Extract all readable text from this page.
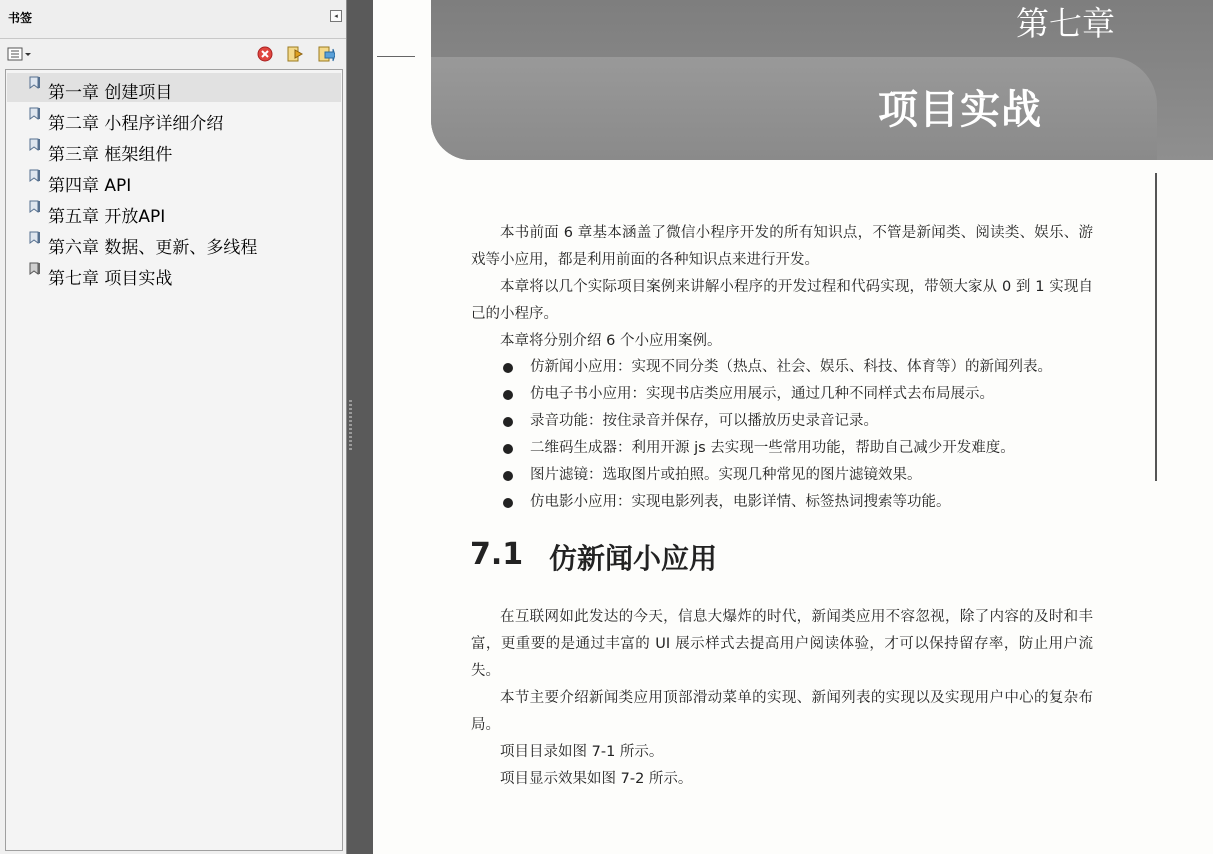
书签	◂
第一章 创建项目
第二章 小程序详细介绍
第三章 框架组件
第四章 API
第五章 开放API
第六章 数据、更新、多线程
第七章 项目实战
第七章
项目实战

本书前面 6 章基本涵盖了微信小程序开发的所有知识点，不管是新闻类、阅读类、娱乐、游戏等小应用，都是利用前面的各种知识点来进行开发。

本章将以几个实际项目案例来讲解小程序的开发过程和代码实现，带领大家从 0 到 1 实现自己的小程序。

本章将分别介绍 6 个小应用案例。

仿新闻小应用：实现不同分类（热点、社会、娱乐、科技、体育等）的新闻列表。
仿电子书小应用：实现书店类应用展示，通过几种不同样式去布局展示。
录音功能：按住录音并保存，可以播放历史录音记录。
二维码生成器：利用开源 js 去实现一些常用功能，帮助自己减少开发难度。
图片滤镜：选取图片或拍照。实现几种常见的图片滤镜效果。
仿电影小应用：实现电影列表，电影详情、标签热词搜索等功能。
7.1 仿新闻小应用

在互联网如此发达的今天，信息大爆炸的时代，新闻类应用不容忽视，除了内容的及时和丰富，更重要的是通过丰富的 UI 展示样式去提高用户阅读体验，才可以保持留存率，防止用户流失。

本节主要介绍新闻类应用顶部滑动菜单的实现、新闻列表的实现以及实现用户中心的复杂布局。

项目目录如图 7-1 所示。

项目显示效果如图 7-2 所示。
